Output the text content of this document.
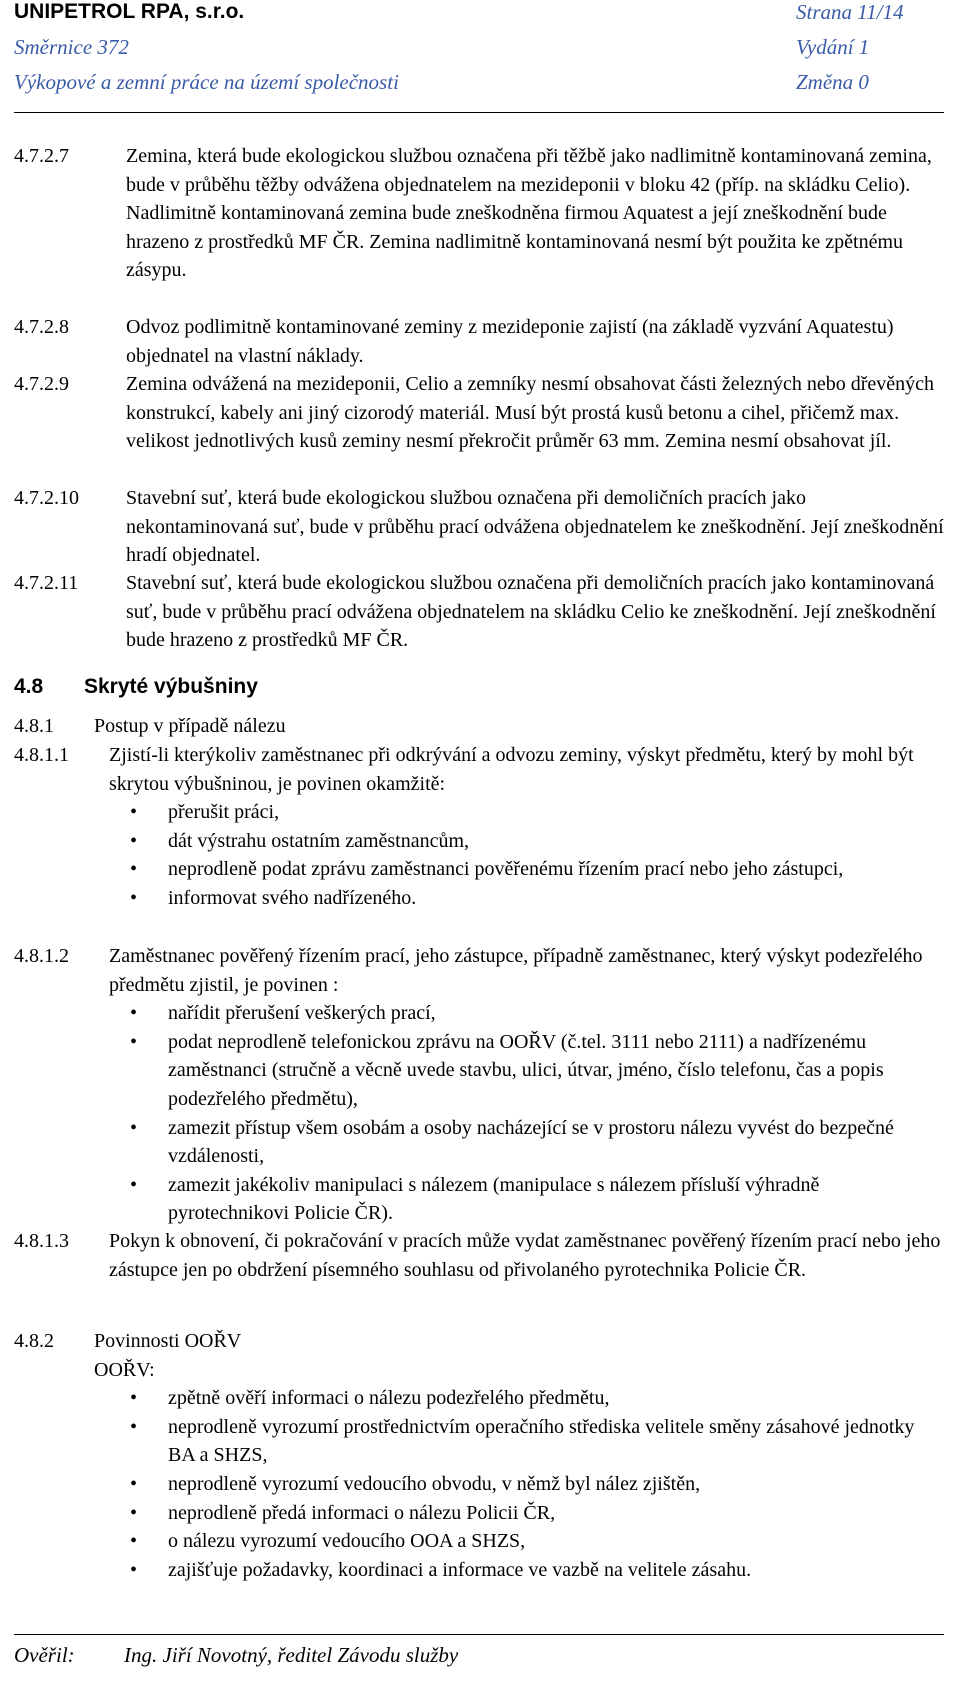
UNIPETROL RPA, s.r.o.	Strana 11/14
Směrnice 372	Vydání 1
Výkopové a zemní práce na území společnosti	Změna 0
4.7.2.7	Zemina, která bude ekologickou službou označena při těžbě jako nadlimitně kontaminovaná zemina, bude v průběhu těžby odvážena objednatelem na mezideponii v bloku 42 (příp. na skládku Celio). Nadlimitně kontaminovaná zemina bude zneškodněna firmou Aquatest a její zneškodnění bude hrazeno z prostředků MF ČR. Zemina nadlimitně kontaminovaná nesmí být použita ke zpětnému zásypu.
4.7.2.8	Odvoz podlimitně kontaminované zeminy z mezideponie zajistí (na základě vyzvání Aquatestu) objednatel na vlastní náklady.
4.7.2.9	Zemina odvážená na mezideponii, Celio a zemníky nesmí obsahovat části železných nebo dřevěných konstrukcí, kabely ani jiný cizorodý materiál. Musí být prostá kusů betonu a cihel, přičemž max. velikost jednotlivých kusů zeminy nesmí překročit průměr 63 mm. Zemina nesmí obsahovat jíl.
4.7.2.10 Stavební suť, která bude ekologickou službou označena při demoličních pracích jako nekontaminovaná suť, bude v průběhu prací odvážena objednatelem ke zneškodnění. Její zneškodnění hradí objednatel.
4.7.2.11 Stavební suť, která bude ekologickou službou označena při demoličních pracích jako kontaminovaná suť, bude v průběhu prací odvážena objednatelem na skládku Celio ke zneškodnění. Její zneškodnění bude hrazeno z prostředků MF ČR.
4.8 Skryté výbušniny
4.8.1 Postup v případě nálezu
4.8.1.1 Zjistí-li kterýkoliv zaměstnanec při odkrývání a odvozu zeminy, výskyt předmětu, který by mohl být skrytou výbušninou, je povinen okamžitě:
• přerušit práci,
• dát výstrahu ostatním zaměstnancům,
• neprodleně podat zprávu zaměstnanci pověřenému řízením prací nebo jeho zástupci,
• informovat svého nadřízeného.
4.8.1.2 Zaměstnanec pověřený řízením prací, jeho zástupce, případně zaměstnanec, který výskyt podezřelého předmětu zjistil, je povinen :
• nařídit přerušení veškerých prací,
• podat neprodleně telefonickou zprávu na OOŘV (č.tel. 3111 nebo 2111) a nadřízenému zaměstnanci (stručně a věcně uvede stavbu, ulici, útvar, jméno, číslo telefonu, čas a popis podezřelého předmětu),
• zamezit přístup všem osobám a osoby nacházející se v prostoru nálezu vyvést do bezpečné vzdálenosti,
• zamezit jakékoliv manipulaci s nálezem (manipulace s nálezem přísluší výhradně pyrotechnikovi Policie ČR).
4.8.1.3 Pokyn k obnovení, či pokračování v pracích může vydat zaměstnanec pověřený řízením prací nebo jeho zástupce jen po obdržení písemného souhlasu od přivolaného pyrotechnika Policie ČR.
4.8.2 Povinnosti OOŘV
OOŘV:
• zpětně ověří informaci o nálezu podezřelého předmětu,
• neprodleně vyrozumí prostřednictvím operačního střediska velitele směny zásahové jednotky BA a SHZS,
• neprodleně vyrozumí vedoucího obvodu, v němž byl nález zjištěn,
• neprodleně předá informaci o nálezu Policii ČR,
• o nálezu vyrozumí vedoucího OOA a SHZS,
• zajišťuje požadavky, koordinaci a informace ve vazbě na velitele zásahu.
Ověřil:	Ing. Jiří Novotný, ředitel Závodu služby
